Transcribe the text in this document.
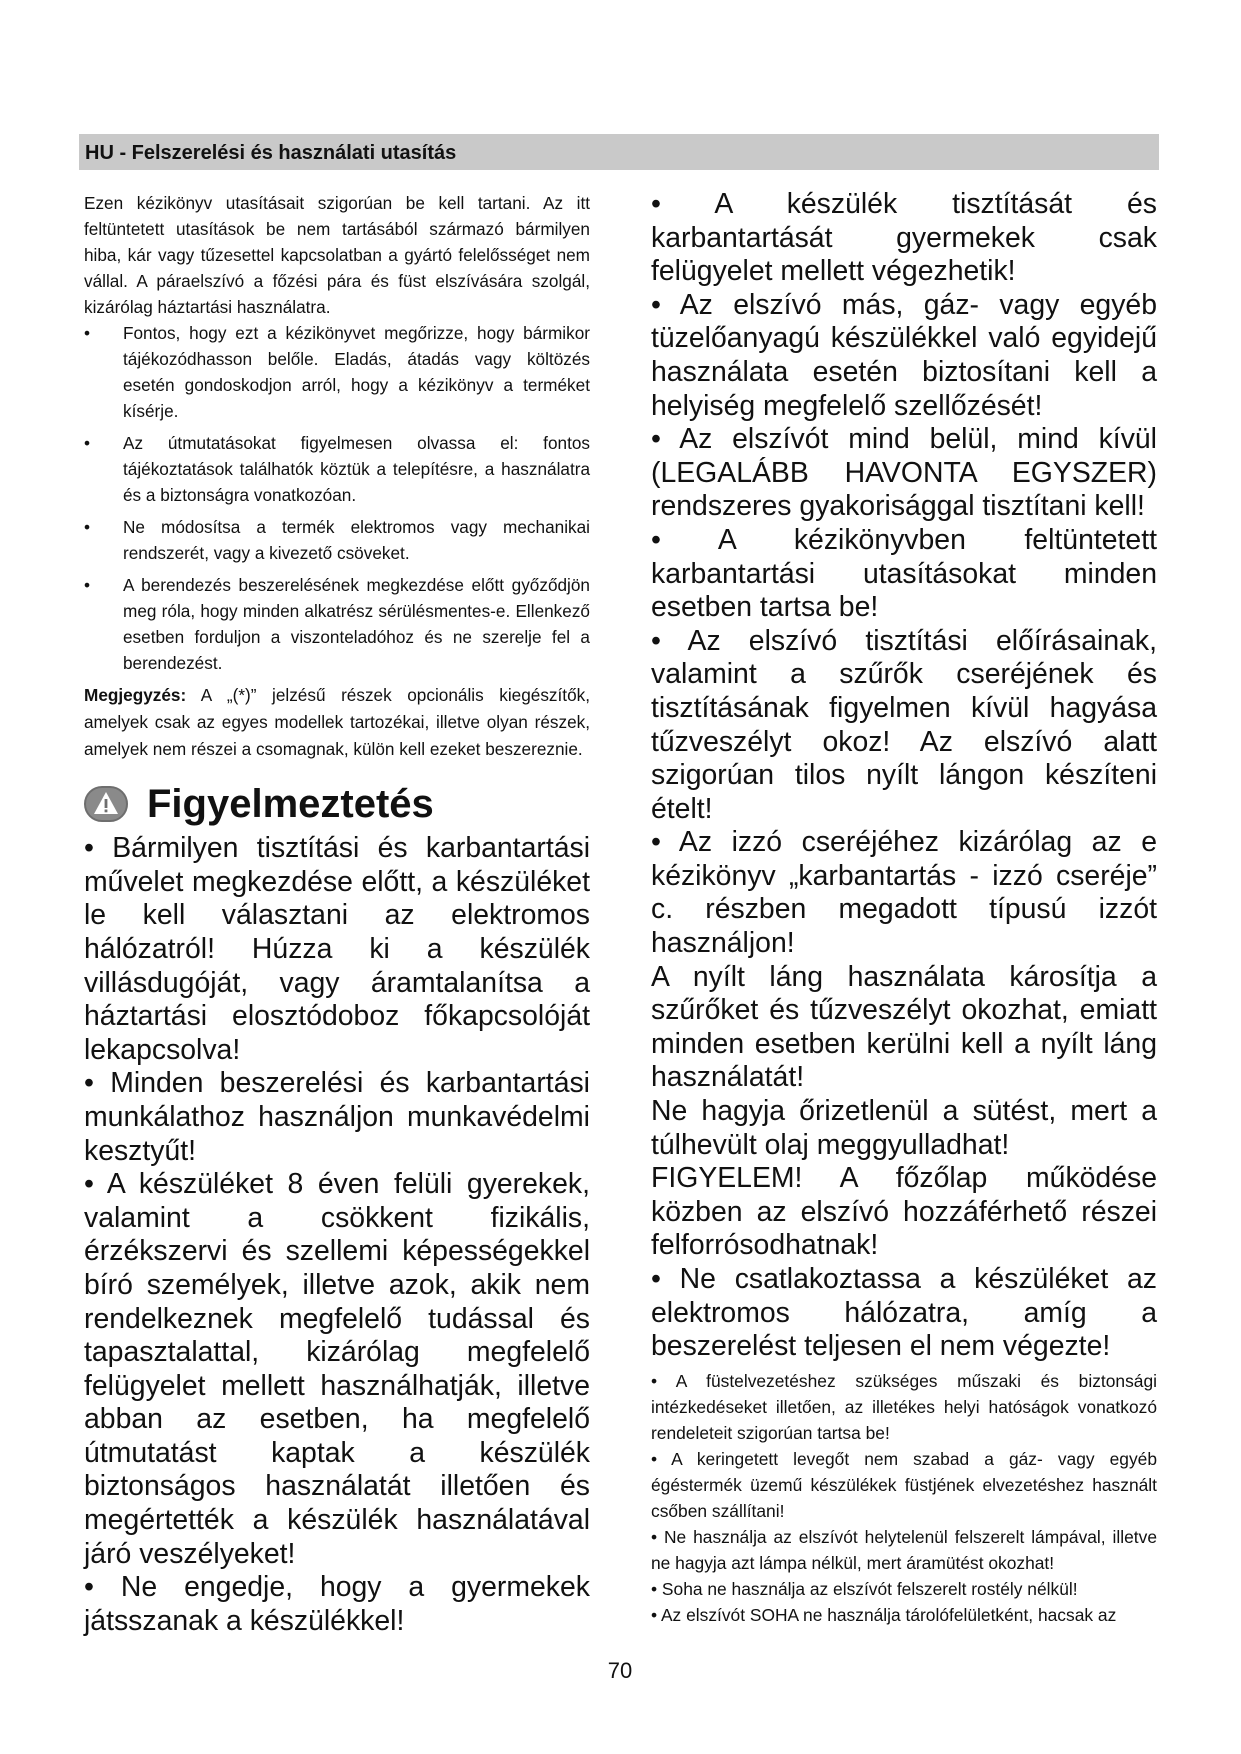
HU - Felszerelési és használati utasítás

Ezen kézikönyv utasításait szigorúan be kell tartani. Az itt feltüntetett utasítások be nem tartásából származó bármilyen hiba, kár vagy tűzesettel kapcsolatban a gyártó felelősséget nem vállal. A páraelszívó a főzési pára és füst elszívására szolgál, kizárólag háztartási használatra.

• Fontos, hogy ezt a kézikönyvet megőrizze, hogy bármikor tájékozódhasson belőle. Eladás, átadás vagy költözés esetén gondoskodjon arról, hogy a kézikönyv a terméket kísérje.
• Az útmutatásokat figyelmesen olvassa el: fontos tájékoztatások találhatók köztük a telepítésre, a használatra és a biztonságra vonatkozóan.
• Ne módosítsa a termék elektromos vagy mechanikai rendszerét, vagy a kivezető csöveket.
• A berendezés beszerelésének megkezdése előtt győződjön meg róla, hogy minden alkatrész sérülésmentes-e. Ellenkező esetben forduljon a viszonteladóhoz és ne szerelje fel a berendezést.

Megjegyzés: A „(*)” jelzésű részek opcionális kiegészítők, amelyek csak az egyes modellek tartozékai, illetve olyan részek, amelyek nem részei a csomagnak, külön kell ezeket beszereznie.

Figyelmeztetés
• Bármilyen tisztítási és karbantartási művelet megkezdése előtt, a készüléket le kell választani az elektromos hálózatról! Húzza ki a készülék villásdugóját, vagy áramtalanítsa a háztartási elosztódoboz főkapcsolóját lekapcsolva!
• Minden beszerelési és karbantartási munkálathoz használjon munkavédelmi kesztyűt!
• A készüléket 8 éven felüli gyerekek, valamint a csökkent fizikális, érzékszervi és szellemi képességekkel bíró személyek, illetve azok, akik nem rendelkeznek megfelelő tudással és tapasztalattal, kizárólag megfelelő felügyelet mellett használhatják, illetve abban az esetben, ha megfelelő útmutatást kaptak a készülék biztonságos használatát illetően és megértették a készülék használatával járó veszélyeket!
• Ne engedje, hogy a gyermekek játsszanak a készülékkel!
• A készülék tisztítását és karbantartását gyermekek csak felügyelet mellett végezhetik!
• Az elszívó más, gáz- vagy egyéb tüzelőanyagú készülékkel való egyidejű használata esetén biztosítani kell a helyiség megfelelő szellőzését!
• Az elszívót mind belül, mind kívül (LEGALÁBB HAVONTA EGYSZER) rendszeres gyakorisággal tisztítani kell!
• A kézikönyvben feltüntetett karbantartási utasításokat minden esetben tartsa be!
• Az elszívó tisztítási előírásainak, valamint a szűrők cseréjének és tisztításának figyelmen kívül hagyása tűzveszélyt okoz! Az elszívó alatt szigorúan tilos nyílt lángon készíteni ételt!
• Az izzó cseréjéhez kizárólag az e kézikönyv „karbantartás - izzó cseréje” c. részben megadott típusú izzót használjon!
A nyílt láng használata károsítja a szűrőket és tűzveszélyt okozhat, emiatt minden esetben kerülni kell a nyílt láng használatát!
Ne hagyja őrizetlenül a sütést, mert a túlhevült olaj meggyulladhat!
FIGYELEM! A főzőlap működése közben az elszívó hozzáférhető részei felforrósodhatnak!
• Ne csatlakoztassa a készüléket az elektromos hálózatra, amíg a beszerelést teljesen el nem végezte!
• A füstelvezetéshez szükséges műszaki és biztonsági intézkedéseket illetően, az illetékes helyi hatóságok vonatkozó rendeleteit szigorúan tartsa be!
• A keringetett levegőt nem szabad a gáz- vagy egyéb égéstermék üzemű készülékek füstjének elvezetéshez használt csőben szállítani!
• Ne használja az elszívót helytelenül felszerelt lámpával, illetve ne hagyja azt lámpa nélkül, mert áramütést okozhat!
• Soha ne használja az elszívót felszerelt rostély nélkül!
• Az elszívót SOHA ne használja tárolófelületként, hacsak az
70
